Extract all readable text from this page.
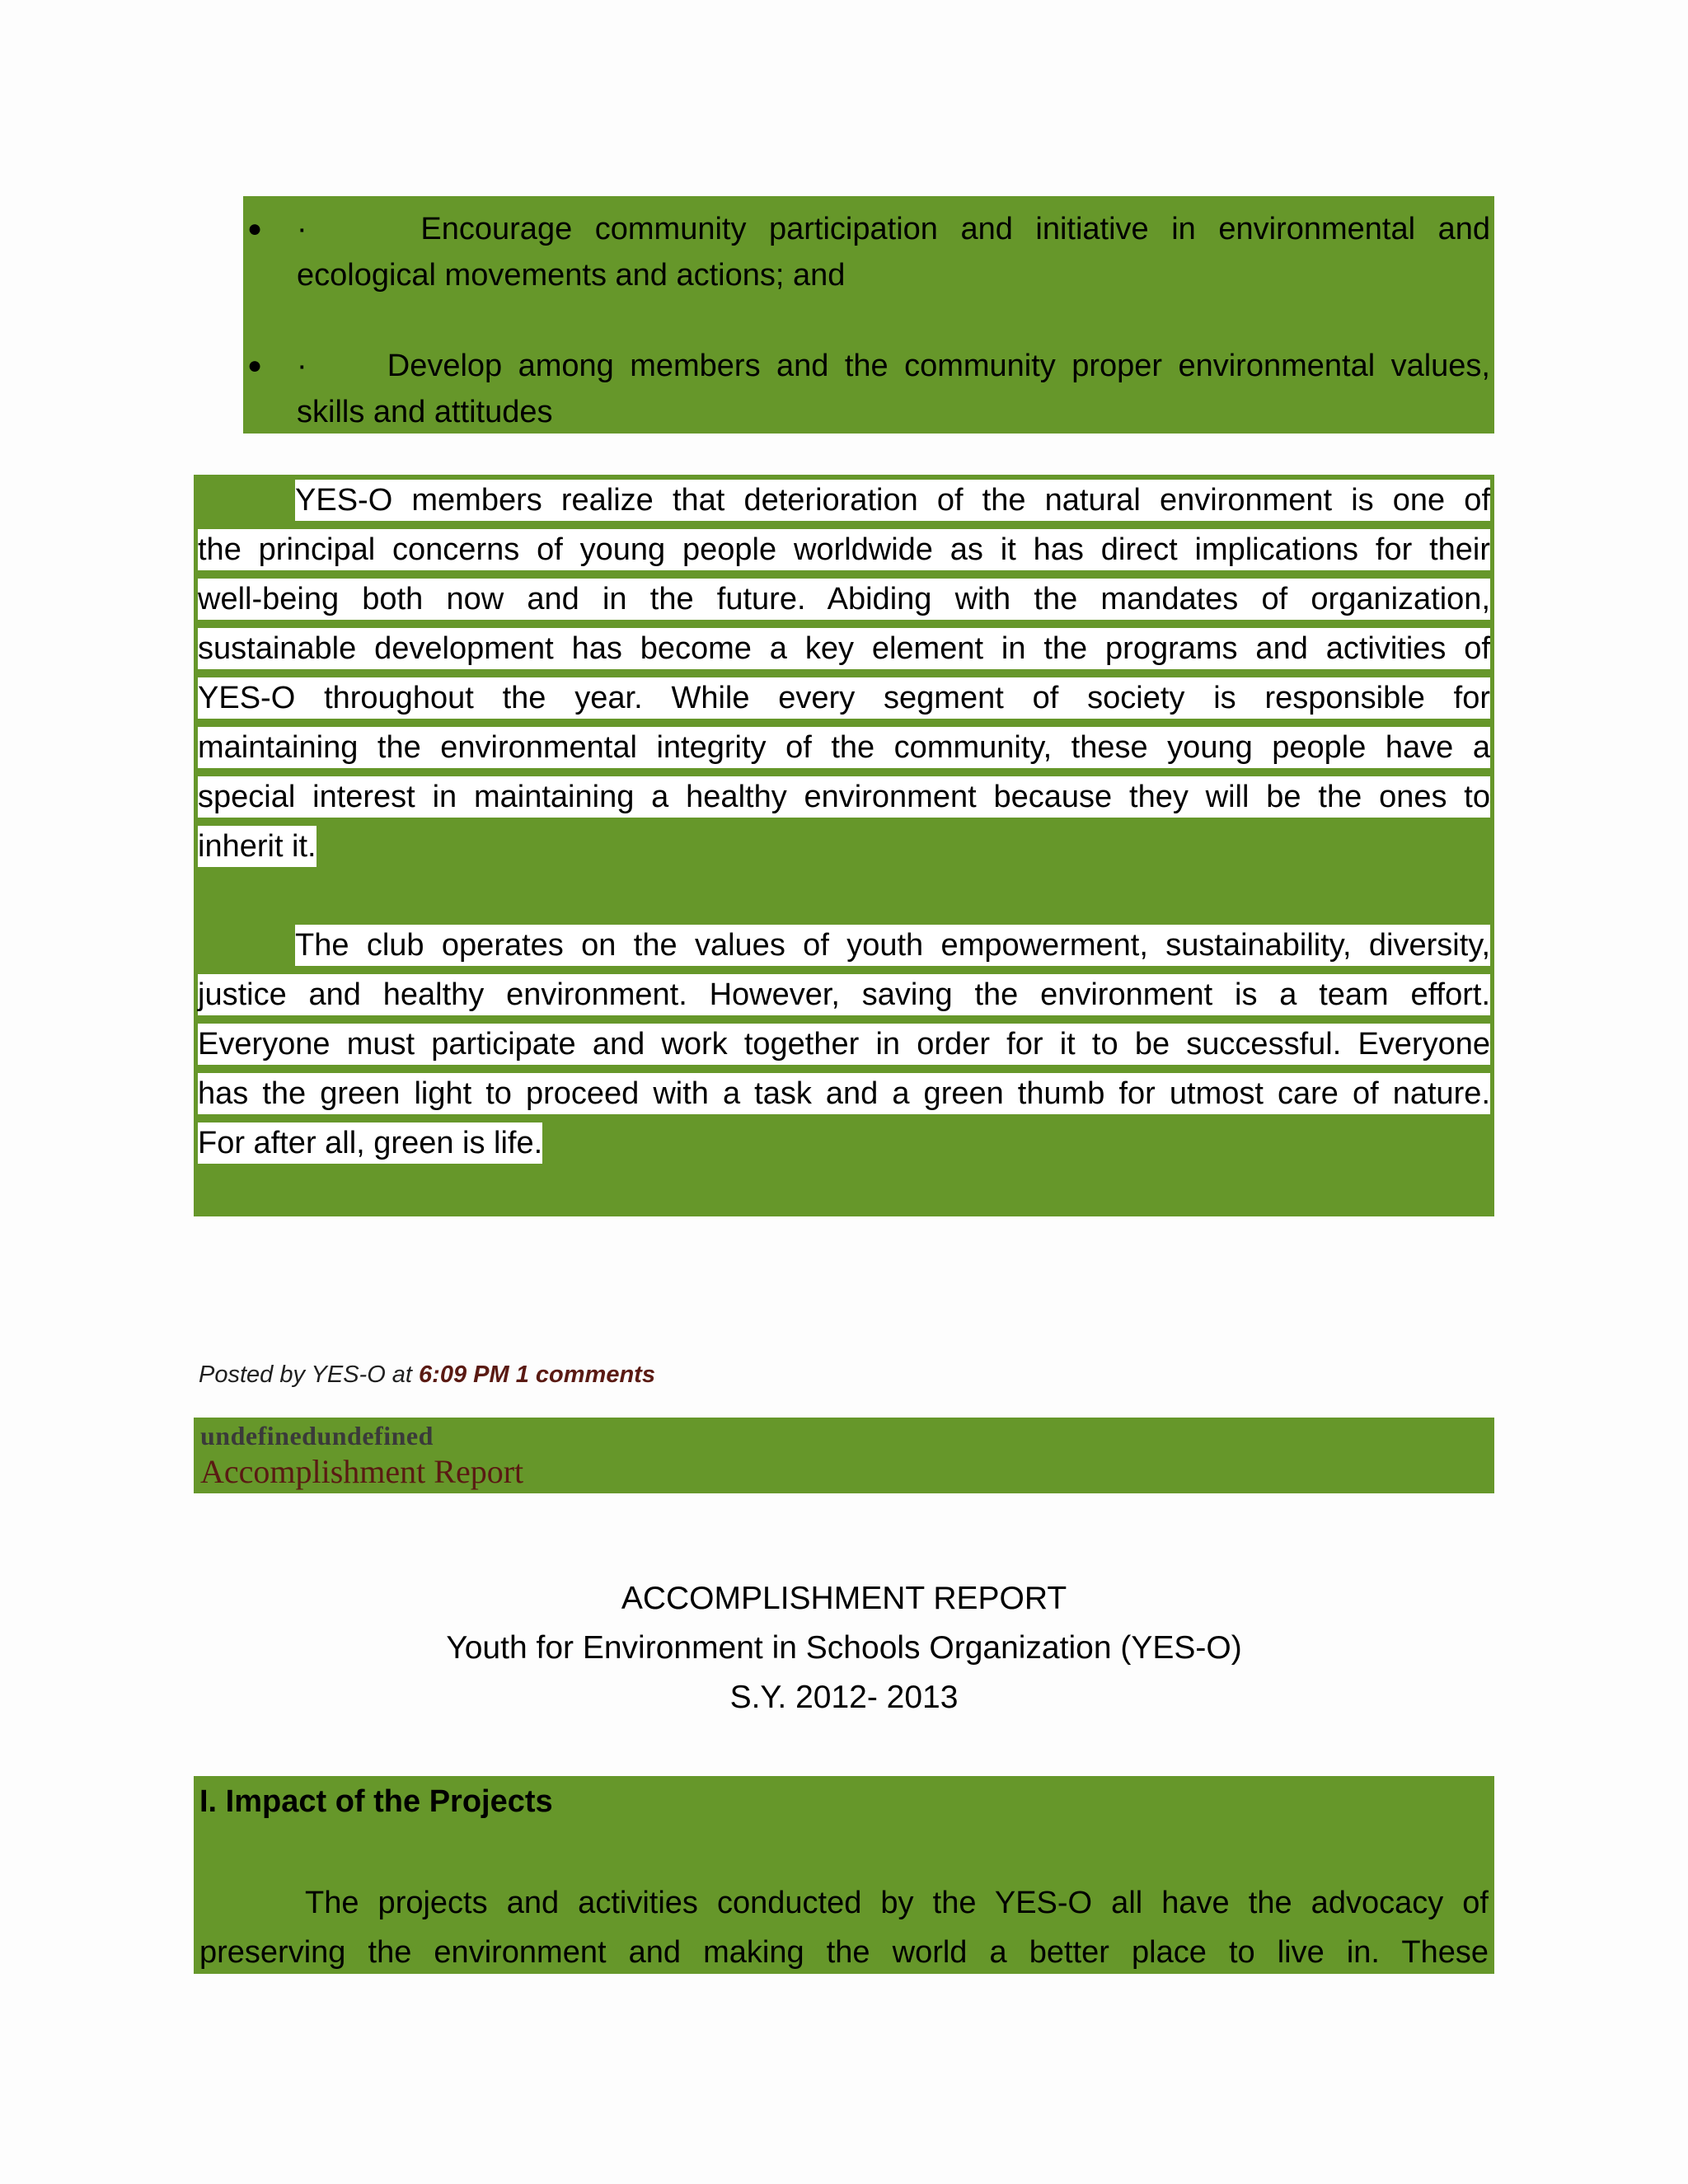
● ·	Encourage community participation and initiative in environmental and
ecological movements and actions; and
● ·	Develop among members and the community proper environmental values,
skills and attitudes
YES-O members realize that deterioration of the natural environment is one of
the principal concerns of young people worldwide as it has direct implications for their
well-being both now and in the future. Abiding with the mandates of organization,
sustainable development has become a key element in the programs and activities of
YES-O throughout the year. While every segment of society is responsible for
maintaining the environmental integrity of the community, these young people have a
special interest in maintaining a healthy environment because they will be the ones to
inherit it.
The club operates on the values of youth empowerment, sustainability, diversity,
justice and healthy environment. However, saving the environment is a team effort.
Everyone must participate and work together in order for it to be successful. Everyone
has the green light to proceed with a task and a green thumb for utmost care of nature.
For after all, green is life.
Posted by YES-O at 6:09 PM 1 comments
undefinedundefined
Accomplishment Report
ACCOMPLISHMENT REPORT
Youth for Environment in Schools Organization (YES-O)
S.Y. 2012- 2013
I. Impact of the Projects
The projects and activities conducted by the YES-O all have the advocacy of
preserving the environment and making the world a better place to live in. These
